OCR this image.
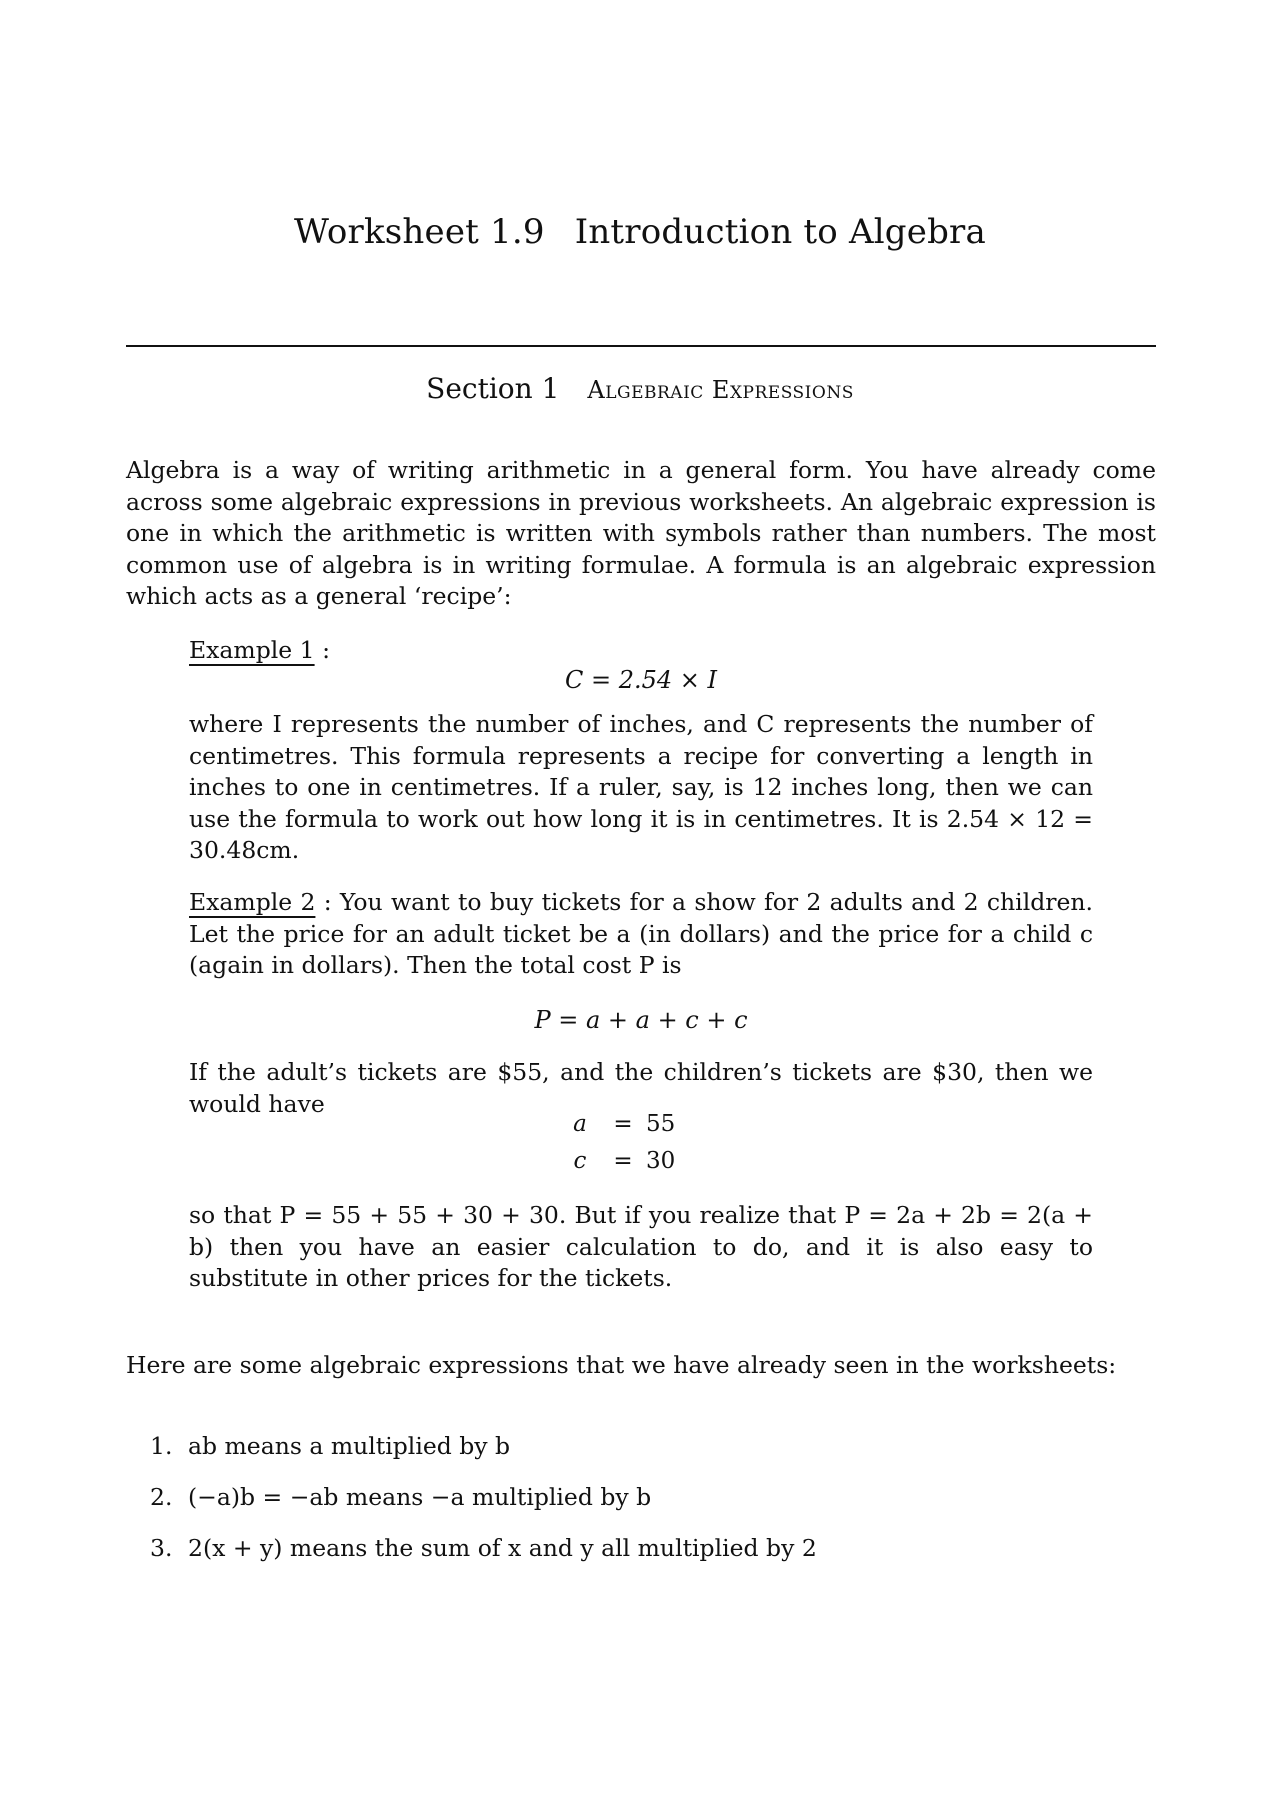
Worksheet 1.9 Introduction to Algebra
Section 1 Algebraic Expressions

Algebra is a way of writing arithmetic in a general form. You have already come across some algebraic expressions in previous worksheets. An algebraic expression is one in which the arithmetic is written with symbols rather than numbers. The most common use of algebra is in writing formulae. A formula is an algebraic expression which acts as a general ‘recipe’:

Example 1 :
C = 2.54 × I

where I represents the number of inches, and C represents the number of centimetres. This formula represents a recipe for converting a length in inches to one in centimetres. If a ruler, say, is 12 inches long, then we can use the formula to work out how long it is in centimetres. It is 2.54 × 12 = 30.48cm.

Example 2 : You want to buy tickets for a show for 2 adults and 2 children. Let the price for an adult ticket be a (in dollars) and the price for a child c (again in dollars). Then the total cost P is
P = a + a + c + c

If the adult’s tickets are $55, and the children’s tickets are $30, then we would have

a	= 55
c	= 30

so that P = 55 + 55 + 30 + 30. But if you realize that P = 2a + 2b = 2(a + b) then you have an easier calculation to do, and it is also easy to substitute in other prices for the tickets.

Here are some algebraic expressions that we have already seen in the worksheets:

1. ab means a multiplied by b
2. (−a)b = −ab means −a multiplied by b
3. 2(x + y) means the sum of x and y all multiplied by 2
